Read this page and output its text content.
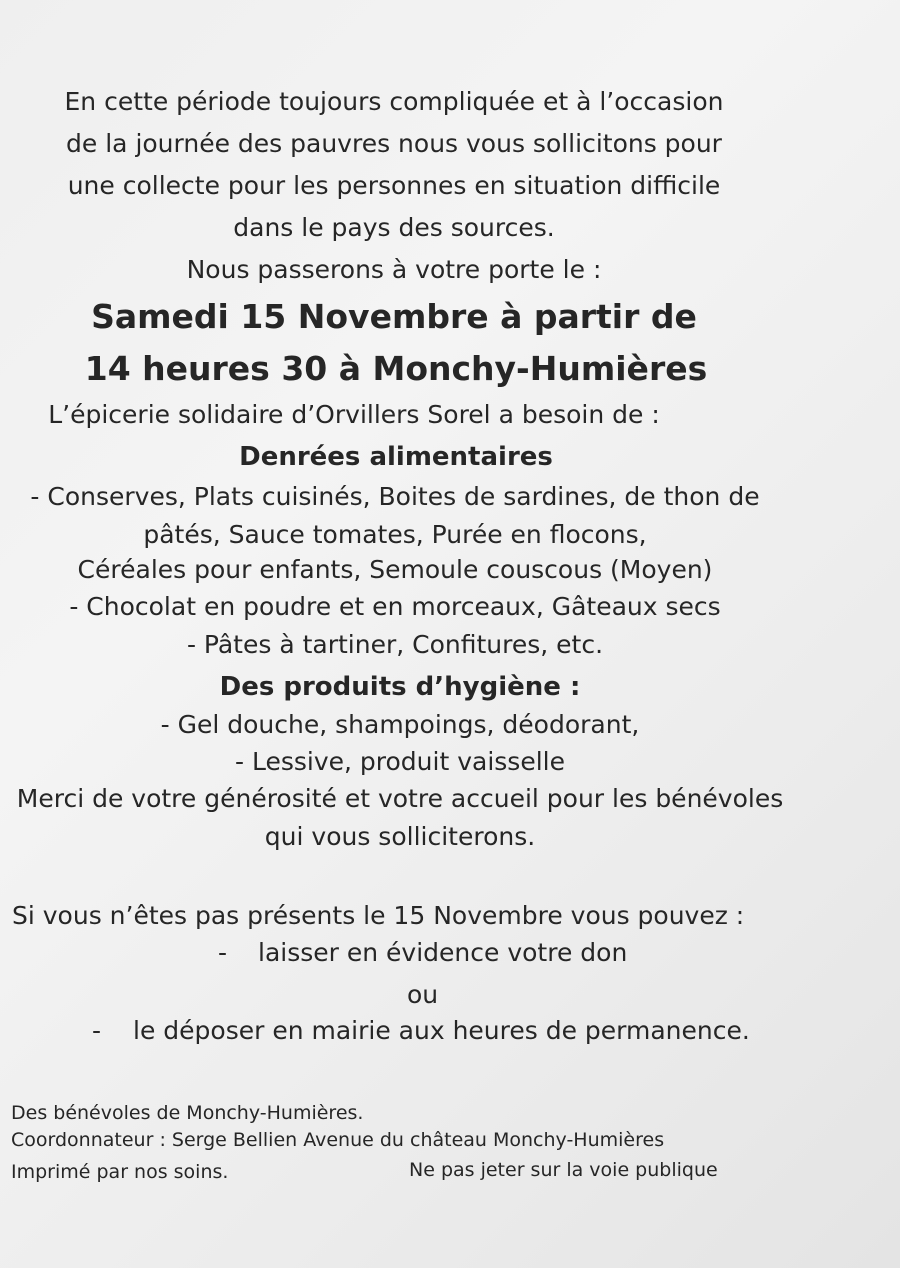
En cette période toujours compliquée et à l’occasion
de la journée des pauvres nous vous sollicitons pour
une collecte pour les personnes en situation difficile
dans le pays des sources.
Nous passerons à votre porte le :
Samedi 15 Novembre à partir de
14 heures 30 à Monchy-Humières
L’épicerie solidaire d’Orvillers Sorel a besoin de :
Denrées alimentaires
- Conserves, Plats cuisinés, Boites de sardines, de thon de
pâtés, Sauce tomates, Purée en flocons,
Céréales pour enfants, Semoule couscous (Moyen)
- Chocolat en poudre et en morceaux, Gâteaux secs
- Pâtes à tartiner, Confitures, etc.
Des produits d’hygiène :
- Gel douche, shampoings, déodorant,
- Lessive, produit vaisselle
Merci de votre générosité et votre accueil pour les bénévoles
qui vous solliciterons.
Si vous n’êtes pas présents le 15 Novembre vous pouvez :
- laisser en évidence votre don
ou
- le déposer en mairie aux heures de permanence.
Des bénévoles de Monchy-Humières.
Coordonnateur : Serge Bellien Avenue du château Monchy-Humières
Imprimé par nos soins.	Ne pas jeter sur la voie publique
